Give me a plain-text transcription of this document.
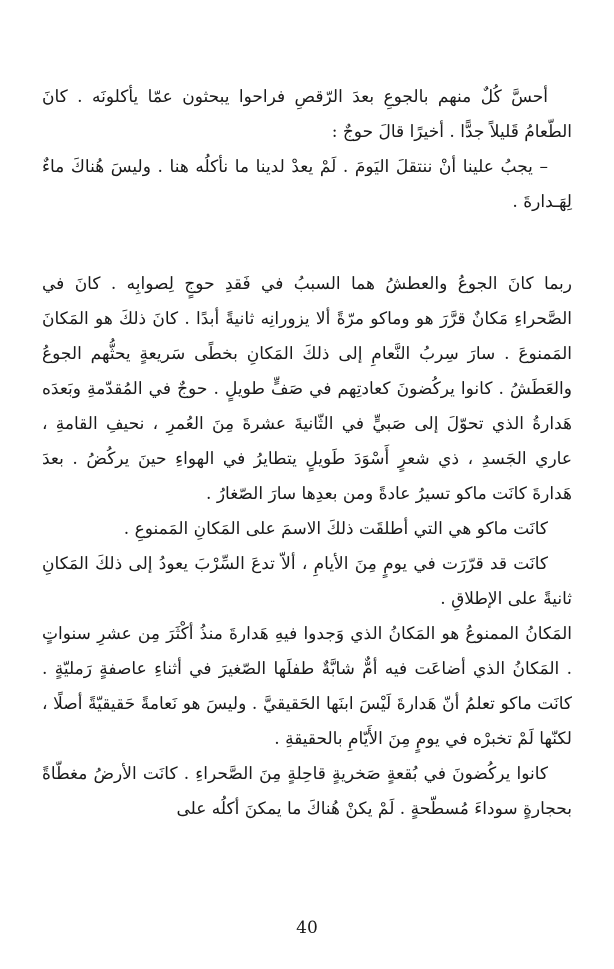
أحسَّ كُلٌ منهم بالجوعِ بعدَ الرّقصِ فراحوا يبحثون عمّا يأكلونَه . كانَ الطّعامُ قَليلاً جدًّا . أخيرًا قالَ حوجٌ :

– يجبُ علينا أنْ ننتقلَ اليَومَ . لَمْ يعدْ لدينا ما نأكلُه هنا . وليسَ هُناكَ ماءٌ لِهَـدارةَ .

ربما كانَ الجوعُ والعطشُ هما السببُ في فَقدِ حوجٍ لِصوابِه . كانَ في الصَّحراءِ مَكانٌ قرَّرَ هو وماكو مرّةً ألا يزورانِه ثانيةً أبدًا . كانَ ذلكَ هو المَكانَ المَمنوعَ . سارَ سِربُ النَّعامِ إلى ذلكَ المَكانِ بخطًى سَريعةٍ يحثُّهم الجوعُ والعَطَشُ . كانوا يركُضونَ كعادتِهم في صَفٍّ طويلٍ . حوجٌ في المُقدّمةِ وبَعدَه هَدارةُ الذي تحوّلَ إلى صَبيٍّ في الثّانيةَ عشرةَ مِنَ العُمرِ ، نحيفِ القامةِ ، عاري الجَسدِ ، ذي شعرٍ أَسْوَدَ طَويلٍ يتطايرُ في الهواءِ حينَ يركُضُ . بعدَ هَدارةَ كانَت ماكو تسيرُ عادةً ومن بعدِها سارَ الصّغارُ .

كانَت ماكو هي التي أطلقَت ذلكَ الاسمَ على المَكانِ المَمنوعِ .

كانَت قد قرّرَت في يومٍ مِنَ الأيامِ ، ألاّ تدعَ السِّرْبَ يعودُ إلى ذلكَ المَكانِ ثانيةً على الإطلاقِ .

المَكانُ الممنوعُ هو المَكانُ الذي وَجدوا فيهِ هَدارةَ منذُ أكْثَرَ مِن عشرِ سنواتٍ . المَكانُ الذي أضاعَت فيه أمٌّ شابَّةٌ طفلَها الصّغيرَ في أثناءِ عاصفةٍ رَمليّةٍ . كانَت ماكو تعلمُ أنّ هَدارةَ لَيْسَ ابنَها الحَقيقيَّ . وليسَ هو نَعامةً حَقيقيّةً أصلًا ، لكنّها لَمْ تخبرْه في يومٍ مِنَ الأَيّامِ بالحقيقةِ .

كانوا يركُضونَ في بُقعةٍ صَخريةٍ قاحِلةٍ مِنَ الصَّحراءِ . كانَت الأرضُ مغطّاةً بحجارةٍ سوداءَ مُسطّحةٍ . لَمْ يكنْ هُناكَ ما يمكنَ أكلُه على

40
